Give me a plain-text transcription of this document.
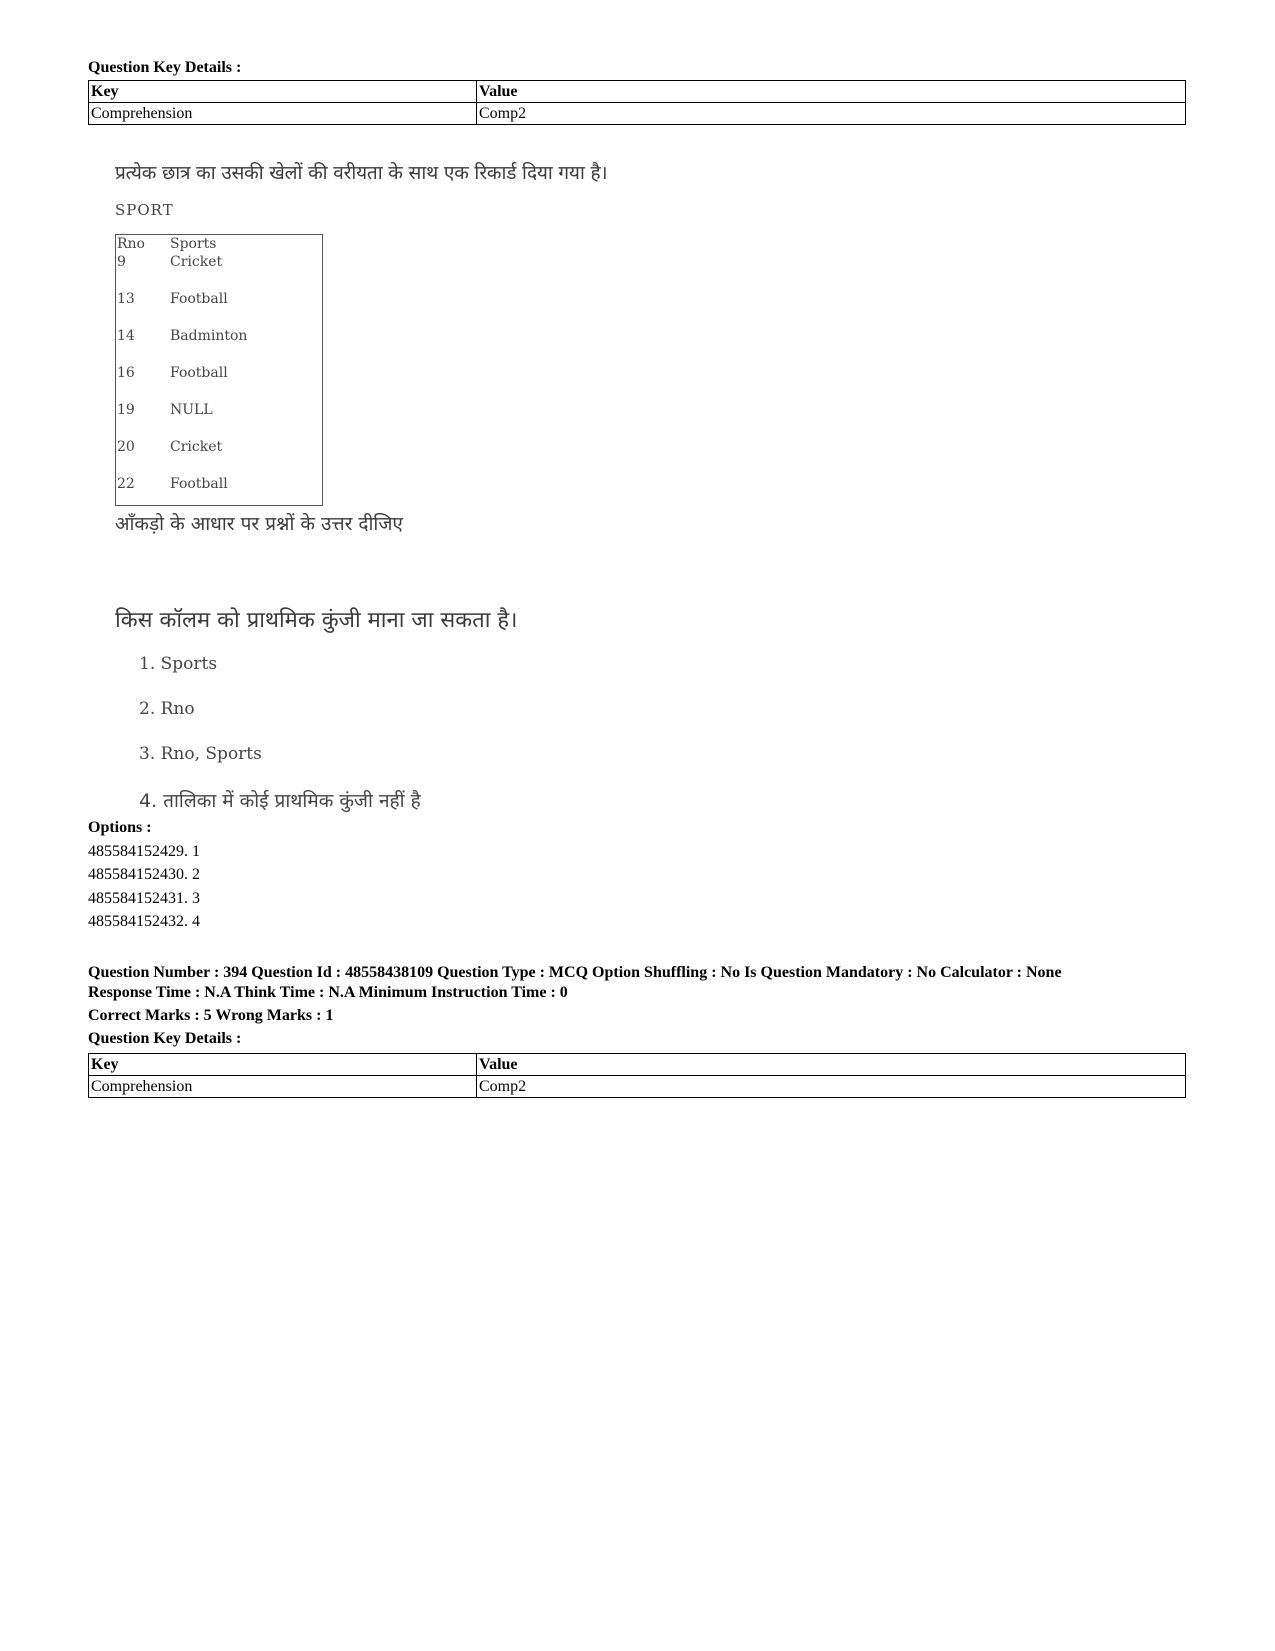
Question Key Details :

Key	Value
Comprehension	Comp2
प्रत्येक छात्र का उसकी खेलों की वरीयता के साथ एक रिकार्ड दिया गया है।
SPORT
Rno Sports
9	Cricket
13	Football
14	Badminton
16	Football
19	NULL
20	Cricket
22	Football
आँकड़ो के आधार पर प्रश्नों के उत्तर दीजिए
किस कॉलम को प्राथमिक कुंजी माना जा सकता है।
1. Sports
2. Rno
3. Rno, Sports
4. तालिका में कोई प्राथमिक कुंजी नहीं है
Options :
485584152429. 1
485584152430. 2
485584152431. 3
485584152432. 4
Question Number : 394 Question Id : 48558438109 Question Type : MCQ Option Shuffling : No Is Question Mandatory : No Calculator : None
Response Time : N.A Think Time : N.A Minimum Instruction Time : 0
Correct Marks : 5 Wrong Marks : 1
Question Key Details :
Key	Value
Comprehension	Comp2
